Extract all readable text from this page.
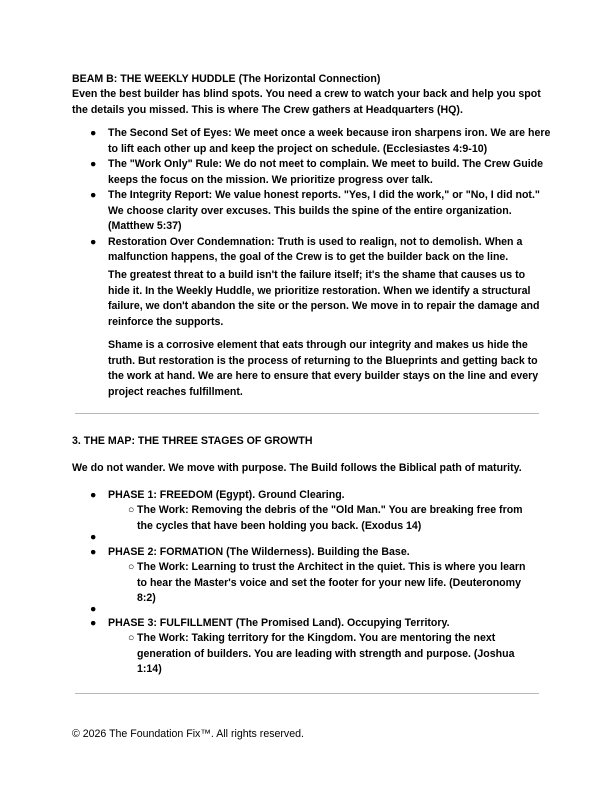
BEAM B: THE WEEKLY HUDDLE (The Horizontal Connection)
Even the best builder has blind spots. You need a crew to watch your back and help you spot the details you missed. This is where The Crew gathers at Headquarters (HQ).
● The Second Set of Eyes: We meet once a week because iron sharpens iron. We are here to lift each other up and keep the project on schedule. (Ecclesiastes 4:9-10)
● The "Work Only" Rule: We do not meet to complain. We meet to build. The Crew Guide keeps the focus on the mission. We prioritize progress over talk.
● The Integrity Report: We value honest reports. "Yes, I did the work," or "No, I did not." We choose clarity over excuses. This builds the spine of the entire organization. (Matthew 5:37)
● Restoration Over Condemnation: Truth is used to realign, not to demolish. When a malfunction happens, the goal of the Crew is to get the builder back on the line.
The greatest threat to a build isn't the failure itself; it's the shame that causes us to hide it. In the Weekly Huddle, we prioritize restoration. When we identify a structural failure, we don't abandon the site or the person. We move in to repair the damage and reinforce the supports.
Shame is a corrosive element that eats through our integrity and makes us hide the truth. But restoration is the process of returning to the Blueprints and getting back to the work at hand. We are here to ensure that every builder stays on the line and every project reaches fulfillment.
3. THE MAP: THE THREE STAGES OF GROWTH
We do not wander. We move with purpose. The Build follows the Biblical path of maturity.
●	PHASE 1: FREEDOM (Egypt). Ground Clearing.
○ The Work: Removing the debris of the "Old Man." You are breaking free from the cycles that have been holding you back. (Exodus 14)
●
●	PHASE 2: FORMATION (The Wilderness). Building the Base.
○ The Work: Learning to trust the Architect in the quiet. This is where you learn to hear the Master's voice and set the footer for your new life. (Deuteronomy 8:2)
●
●	PHASE 3: FULFILLMENT (The Promised Land). Occupying Territory.
○ The Work: Taking territory for the Kingdom. You are mentoring the next generation of builders. You are leading with strength and purpose. (Joshua 1:14)
© 2026 The Foundation Fix™. All rights reserved.
